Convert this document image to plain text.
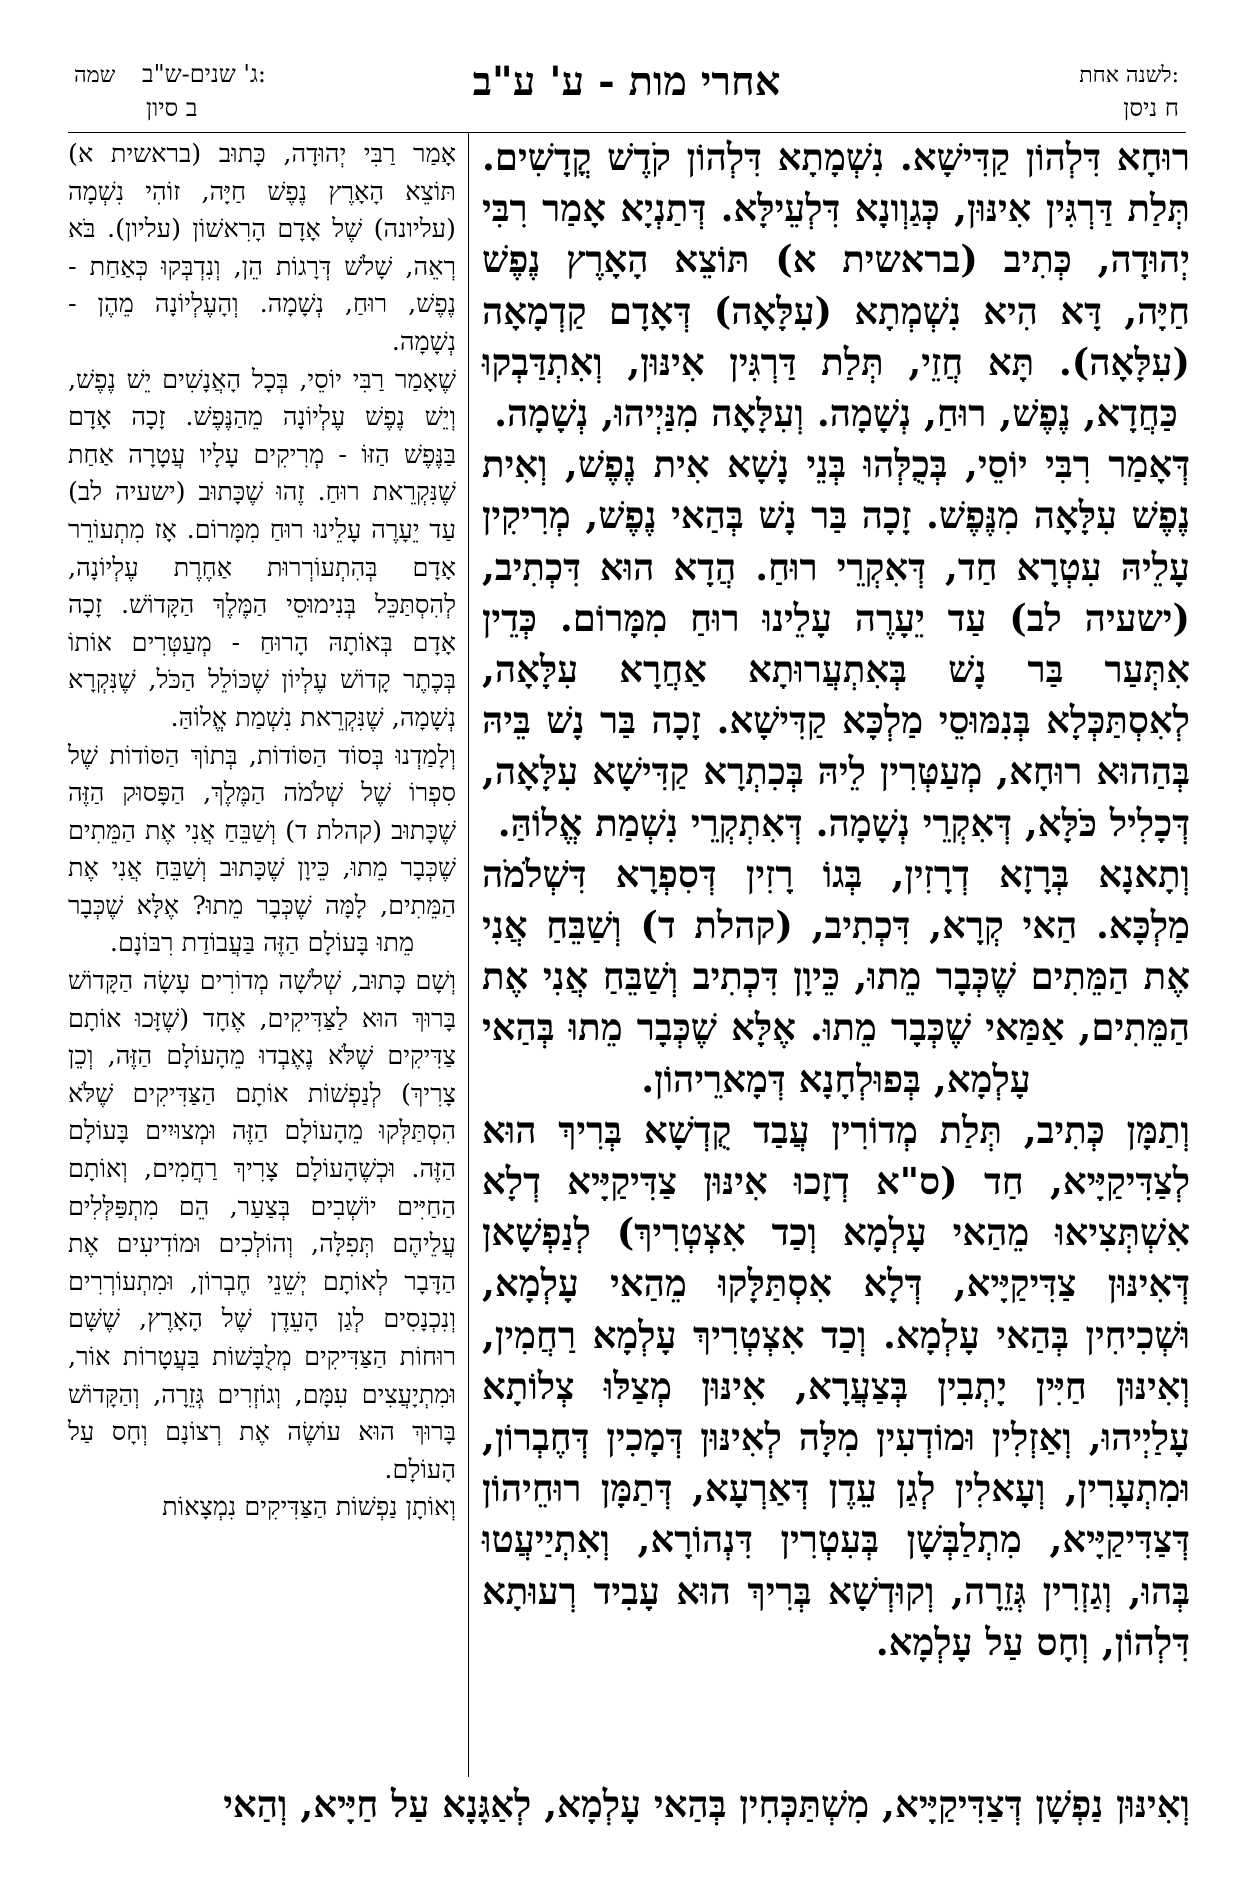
שמה ג' שנים-ש"ב:
ב סיון
אחרי מות - ע' ע"ב	לשנה אחת:
ח ניסן

אָמַר רַבִּי יְהוּדָה, כָּתוּב (בראשית א) תּוֹצֵא הָאָרֶץ נֶפֶשׁ חַיָּה, זוֹהִי נִשְׁמָה (עליונה) שֶׁל אָדָם הָרִאשׁוֹן (עליון). בֹּא רְאֵה, שָׁלֹשׁ דְּרָגוֹת הֵן, וְנִדְבְּקוּ כְּאַחַת - נֶפֶשׁ, רוּחַ, נְשָׁמָה. וְהָעֶלְיוֹנָה מֵהֶן - נְשָׁמָה.

שֶׁאָמַר רַבִּי יוֹסֵי, בְּכָל הָאֲנָשִׁים יֵשׁ נֶפֶשׁ, וְיֵשׁ נֶפֶשׁ עֶלְיוֹנָה מֵהַנֶּפֶשׁ. זָכָה אָדָם בַּנֶּפֶשׁ הַזּוֹ - מְרִיקִים עָלָיו עֲטָרָה אַחַת שֶׁנִּקְרֵאת רוּחַ. זֶהוּ שֶׁכָּתוּב (ישעיה לב) עַד יֵעָרֶה עָלֵינוּ רוּחַ מִמָּרוֹם. אָז מִתְעוֹרֵר אָדָם בְּהִתְעוֹרְרוּת אַחֶרֶת עֶלְיוֹנָה, לְהִסְתַּכֵּל בְּנִימוּסֵי הַמֶּלֶךְ הַקָּדוֹשׁ. זָכָה אָדָם בְּאוֹתָהּ הָרוּחַ - מְעַטְּרִים אוֹתוֹ בְּכֶתֶר קָדוֹשׁ עֶלְיוֹן שֶׁכּוֹלֵל הַכֹּל, שֶׁנִּקְרָא נְשָׁמָה, שֶׁנִּקְרֵאת נִשְׁמַת אֱלוֹהַּ.

וְלָמַדְנוּ בְּסוֹד הַסּוֹדוֹת, בְּתוֹךְ הַסּוֹדוֹת שֶׁל סִפְרוֹ שֶׁל שְׁלֹמֹה הַמֶּלֶךְ, הַפָּסוּק הַזֶּה שֶׁכָּתוּב (קהלת ד) וְשַׁבֵּחַ אֲנִי אֶת הַמֵּתִים שֶׁכְּבָר מֵתוּ, כֵּיוָן שֶׁכָּתוּב וְשַׁבֵּחַ אֲנִי אֶת הַמֵּתִים, לָמָּה שֶׁכְּבָר מֵתוּ? אֶלָּא שֶׁכְּבָר מֵתוּ בָּעוֹלָם הַזֶּה בַּעֲבוֹדַת רִבּוֹנָם.

וְשָׁם כָּתוּב, שְׁלֹשָׁה מְדוֹרִים עָשָׂה הַקָּדוֹשׁ בָּרוּךְ הוּא לַצַּדִּיקִים, אֶחָד (שֶׁזָּכוּ אוֹתָם צַדִּיקִים שֶׁלֹּא נֶאֶבְדוּ מֵהָעוֹלָם הַזֶּה, וְכֵן צָרִיךְ) לְנַפְשׁוֹת אוֹתָם הַצַּדִּיקִים שֶׁלֹּא הִסְתַּלְּקוּ מֵהָעוֹלָם הַזֶּה וּמְצוּיִים בָּעוֹלָם הַזֶּה. וּכְשֶׁהָעוֹלָם צָרִיךְ רַחֲמִים, וְאוֹתָם הַחַיִּים יוֹשְׁבִים בְּצַעַר, הֵם מִתְפַּלְּלִים עֲלֵיהֶם תְּפִלָּה, וְהוֹלְכִים וּמוֹדִיעִים אֶת הַדָּבָר לְאוֹתָם יְשֵׁנֵי חֶבְרוֹן, וּמִתְעוֹרְרִים וְנִכְנָסִים לְגַן הָעֵדֶן שֶׁל הָאָרֶץ, שֶׁשָּׁם רוּחוֹת הַצַּדִּיקִים מְלֻבָּשׁוֹת בַּעֲטָרוֹת אוֹר, וּמִתְיָעֲצִים עִמָּם, וְגוֹזְרִים גְּזֵרָה, וְהַקָּדוֹשׁ בָּרוּךְ הוּא עוֹשֶׂה אֶת רְצוֹנָם וְחָס עַל הָעוֹלָם.

וְאוֹתָן נַפְשׁוֹת הַצַּדִּיקִים נִמְצָאוֹת

רוּחָא דִּלְהוֹן קַדִּישָׁא. נִשְׁמָתָא דִּלְהוֹן קֹדֶשׁ קֳדָשִׁים. תְּלַת דַּרְגִּין אִינּוּן, כְּגַוְונָא דִּלְעֵילָּא. דְּתַנְיָא אָמַר רִבִּי יְהוּדָה, כְּתִיב (בראשית א) תּוֹצֵא הָאָרֶץ נֶפֶשׁ חַיָּה, דָּא הִיא נִשְׁמְתָא (עִלָּאָה) דְּאָדָם קַדְמָאָה (עִלָּאָה). תָּא חֲזֵי, תְּלַת דַּרְגִּין אִינּוּן, וְאִתְדַּבְקוּ כַּחֲדָא, נֶפֶשׁ, רוּחַ, נְשָׁמָה. וְעִלָּאָה מִנַּיְיהוּ, נְשָׁמָה.

דְּאָמַר רִבִּי יוֹסֵי, בְּכֻלְּהוּ בְּנֵי נָשָׁא אִית נֶפֶשׁ, וְאִית נֶפֶשׁ עִלָּאָה מִנֶּפֶשׁ. זָכָה בַּר נָשׁ בְּהַאי נֶפֶשׁ, מְרִיקִין עָלֵיהּ עִטְרָא חַד, דְּאִקְרֵי רוּחַ. הֲדָא הוּא דִּכְתִיב, (ישעיה לב) עַד יֵעָרֶה עָלֵינוּ רוּחַ מִמָּרוֹם. כְּדֵין אִתְּעַר בַּר נָשׁ בְּאִתְעֲרוּתָא אַחֲרָא עִלָּאָה, לְאִסְתַּכְּלָא בְּנִמּוּסֵי מַלְכָּא קַדִּישָׁא. זָכָה בַּר נָשׁ בֵּיהּ בְּהַהוּא רוּחָא, מְעַטְּרִין לֵיהּ בְּכִתְרָא קַדִּישָׁא עִלָּאָה, דְּכָלִיל כֹּלָּא, דְּאִקְרֵי נְשָׁמָה. דְּאִתְקְרֵי נִשְׁמַת אֱלוֹהַּ.

וְתָאנָא בְּרָזָא דְרָזִין, בְּגוֹ רָזִין דְּסִפְרָא דִּשְׁלֹמֹה מַלְכָּא. הַאי קְרָא, דִּכְתִיב, (קהלת ד) וְשַׁבֵּחַ אֲנִי אֶת הַמֵּתִים שֶׁכְּבָר מֵתוּ, כֵּיוָן דִּכְתִיב וְשַׁבֵּחַ אֲנִי אֶת הַמֵּתִים, אַמַּאי שֶׁכְּבָר מֵתוּ. אֶלָּא שֶׁכְּבָר מֵתוּ בְּהַאי עָלְמָא, בְּפוּלְחָנָא דְּמָארֵיהוֹן.

וְתַמָּן כְּתִיב, תְּלַת מְדוֹרִין עֲבַד קֻדְשָׁא בְּרִיךְ הוּא לְצַדִּיקַיָּיא, חַד (ס"א דְזָכוּ אִינּוּן צַדִּיקַיָּיא דְלָא אִשְׁתְּצִיאוּ מֵהַאי עָלְמָא וְכַד אִצְטְרִיךְ) לְנַפְשָׁאן דְּאִינּוּן צַדִּיקַיָּיא, דְּלָא אִסְתַּלָּקוּ מֵהַאי עָלְמָא, וּשְׁכִיחִין בְּהַאי עָלְמָא. וְכַד אִצְטְרִיךְ עָלְמָא רַחֲמִין, וְאִינּוּן חַיִּין יָתְבִין בְּצַעֲרָא, אִינּוּן מְצַלּוּ צְלוֹתָא עָלַיְיהוּ, וְאַזְלִין וּמוֹדְעִין מִלָּה לְאִינּוּן דְּמָכִין דְּחֶבְרוֹן, וּמִתְעָרִין, וְעָאלִין לְגַן עֵדֶן דְּאַרְעָא, דְּתַמָּן רוּחֵיהוֹן דְּצַדִּיקַיָּיא, מִתְלַבְּשָׁן בְּעִטְרִין דִּנְהוֹרָא, וְאִתְיַיעֲטוּ בְּהוּ, וְגַזְרִין גְּזֵרָה, וְקוּדְשָׁא בְּרִיךְ הוּא עָבִיד רְעוּתָא דִּלְהוֹן, וְחָס עַל עָלְמָא.

וְאִינּוּן נַפְשָׁן דְּצַדִּיקַיָּיא, מִשְׁתַּכְּחִין בְּהַאי עָלְמָא, לְאַגָּנָא עַל חַיָּיא, וְהַאי
